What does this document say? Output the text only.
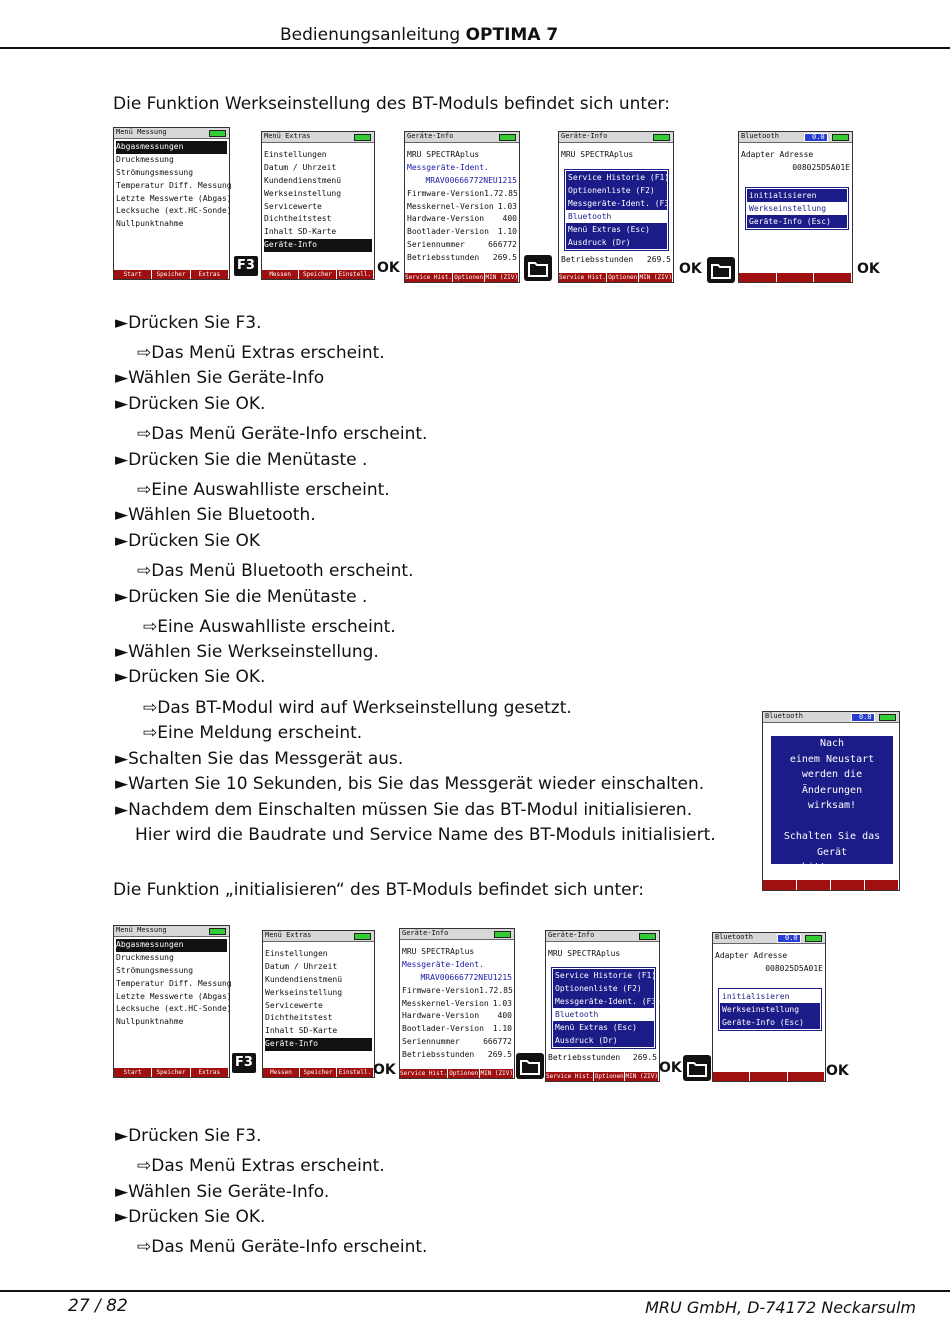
Bedienungsanleitung OPTIMA 7
Die Funktion Werkseinstellung des BT-Moduls befindet sich unter:
Menü Messung
Abgasmessungen
Druckmessung
Strömungsmessung
Temperatur Diff. Messung
Letzte Messwerte (Abgas)
Lecksuche (ext.HC-Sonde)
Nullpunktnahme
Start	Speicher	Extras
F3
Menü Extras
Einstellungen
Datum / Uhrzeit
Kundendienstmenü
Werkseinstellung
Servicewerte
Dichtheitstest
Inhalt SD-Karte
Geräte-Info
Messen	Speicher	Einstell. OK
Geräte-Info
MRU SPECTRAplus
Messgeräte-Ident.
MRAV00666772NEU1215
Firmware-Version 1.72.85
Messkernel-Version 1.03
Hardware-Version 400
Bootlader-Version 1.10
Seriennummer	666772
Betriebsstunden 269.5
Service Hist. Optionen MIN (ZIV)
Geräte-Info
MRU SPECTRAplus
Service Historie (F1)
Optionenliste (F2)
Messgeräte-Ident. (F3)
Bluetooth
Menü Extras (Esc)
Ausdruck (Dr)
Betriebsstunden 269.5
Service Hist. Optionen MIN (ZIV)
OK
Bluetooth	0.0
Adapter Adresse
008025D5A01E
initialisieren
Werkseinstellung
Geräte-Info (Esc)
OK
►Drücken Sie F3.
⇨Das Menü Extras erscheint.
►Wählen Sie Geräte-Info
►Drücken Sie OK.
⇨Das Menü Geräte-Info erscheint.
►Drücken Sie die Menütaste .
⇨Eine Auswahlliste erscheint.
►Wählen Sie Bluetooth.
►Drücken Sie OK
⇨Das Menü Bluetooth erscheint.
►Drücken Sie die Menütaste .
⇨Eine Auswahlliste erscheint.
►Wählen Sie Werkseinstellung.
►Drücken Sie OK.
⇨Das BT-Modul wird auf Werkseinstellung gesetzt.
⇨Eine Meldung erscheint.
►Schalten Sie das Messgerät aus.
►Warten Sie 10 Sekunden, bis Sie das Messgerät wieder einschalten.
►Nachdem dem Einschalten müssen Sie das BT-Modul initialisieren.
Hier wird die Baudrate und Service Name des BT-Moduls initialisiert.
Bluetooth	0.0
Nach
einem Neustart
werden die
Änderungen
wirksam!
Schalten Sie das Gerät
bitte aus.
Die Funktion „initialisieren“ des BT-Moduls befindet sich unter:
Menü Messung
Abgasmessungen
Druckmessung
Strömungsmessung
Temperatur Diff. Messung
Letzte Messwerte (Abgas)
Lecksuche (ext.HC-Sonde)
Nullpunktnahme
Start	Speicher	Extras
F3
Menü Extras
Einstellungen
Datum / Uhrzeit
Kundendienstmenü
Werkseinstellung
Servicewerte
Dichtheitstest
Inhalt SD-Karte
Geräte-Info
Messen	Speicher	Einstell. OK
Geräte-Info
MRU SPECTRAplus
Messgeräte-Ident.
MRAV00666772NEU1215
Firmware-Version 1.72.85
Messkernel-Version 1.03
Hardware-Version 400
Bootlader-Version 1.10
Seriennummer	666772
Betriebsstunden 269.5
Service Hist. Optionen MIN (ZIV)
Geräte-Info
MRU SPECTRAplus
Service Historie (F1)
Optionenliste (F2)
Messgeräte-Ident. (F3)
Bluetooth
Menü Extras (Esc)
Ausdruck (Dr)
Betriebsstunden 269.5
Service Hist. Optionen MIN (ZIV)
OK
Bluetooth	0.0
Adapter Adresse
008025D5A01E
initialisieren
Werkseinstellung
Geräte-Info (Esc)
OK
►Drücken Sie F3.
⇨Das Menü Extras erscheint.
►Wählen Sie Geräte-Info.
►Drücken Sie OK.
⇨Das Menü Geräte-Info erscheint.
27 / 82	MRU GmbH, D-74172 Neckarsulm
